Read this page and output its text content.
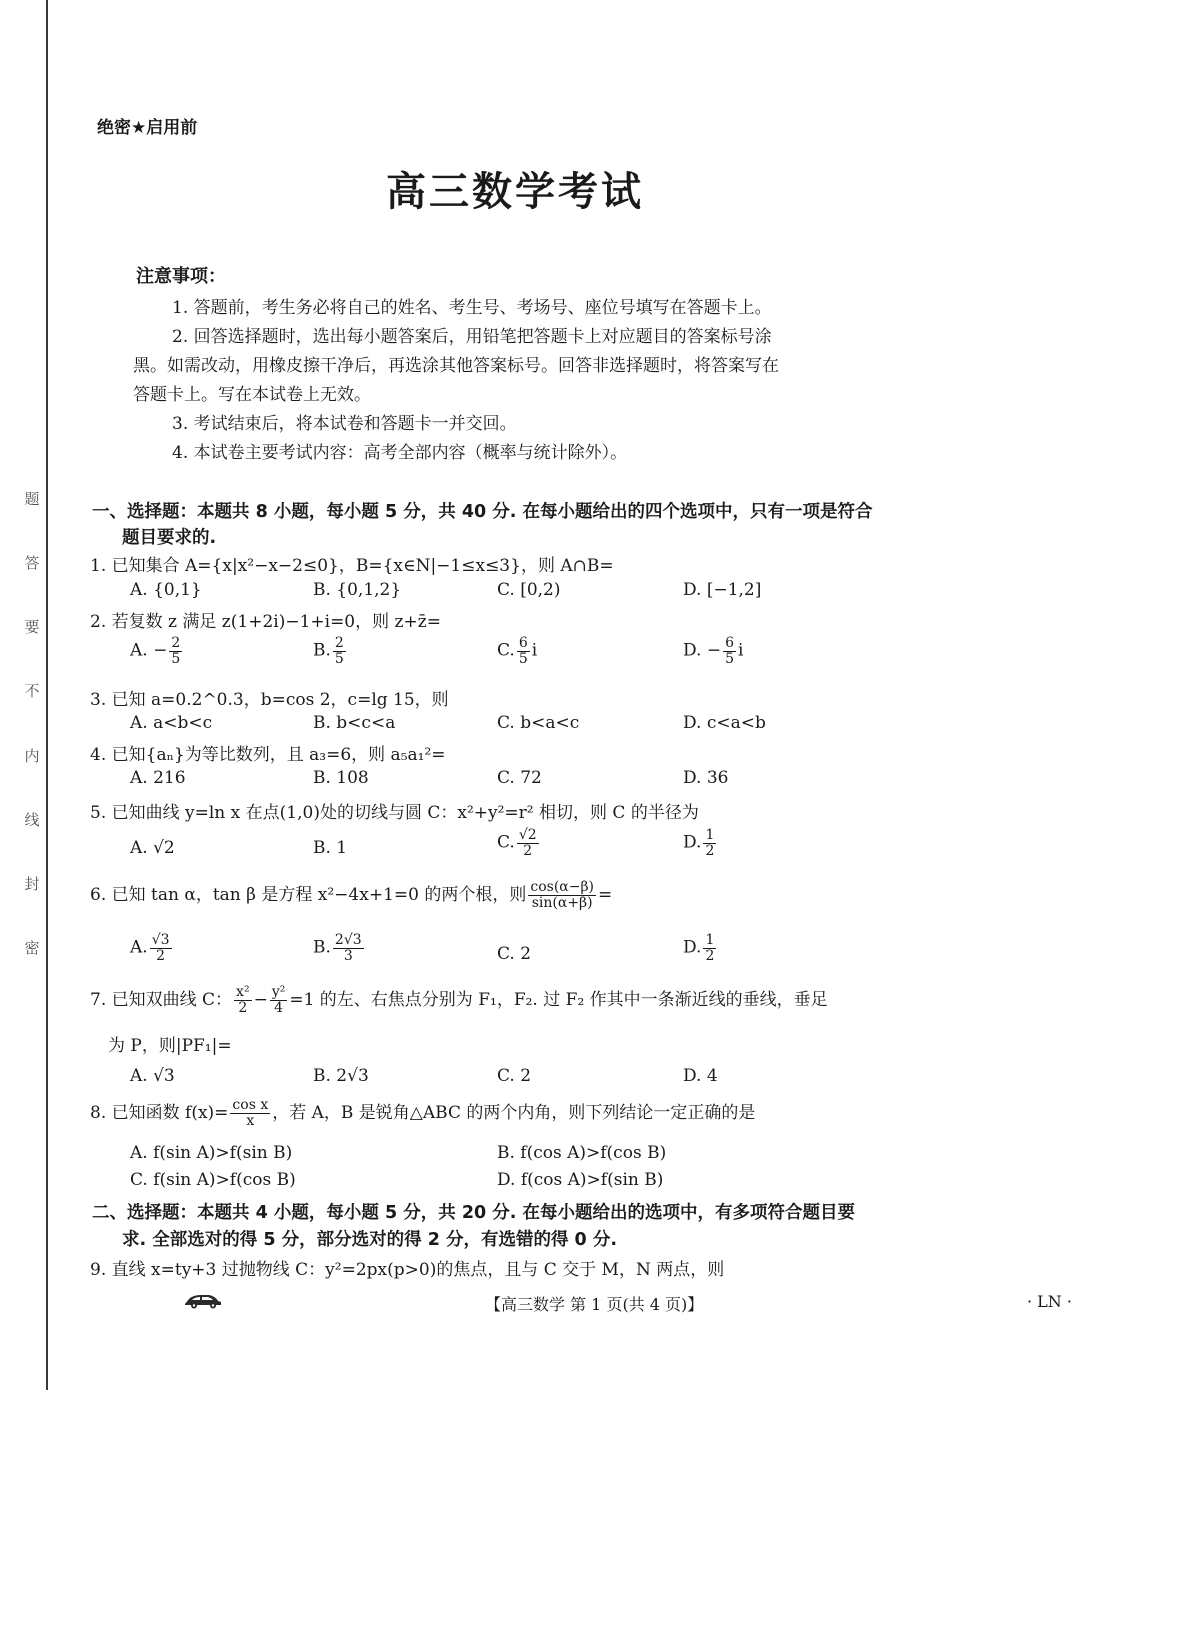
题
答
要
不
内
线
封
密
绝密★启用前
高三数学考试
注意事项：
1. 答题前，考生务必将自己的姓名、考生号、考场号、座位号填写在答题卡上。
2. 回答选择题时，选出每小题答案后，用铅笔把答题卡上对应题目的答案标号涂
黑。如需改动，用橡皮擦干净后，再选涂其他答案标号。回答非选择题时，将答案写在
答题卡上。写在本试卷上无效。
3. 考试结束后，将本试卷和答题卡一并交回。
4. 本试卷主要考试内容：高考全部内容（概率与统计除外）。
一、选择题：本题共 8 小题，每小题 5 分，共 40 分. 在每小题给出的四个选项中，只有一项是符合
题目要求的.
1. 已知集合 A={x|x²−x−2≤0}，B={x∈N|−1≤x≤3}，则 A∩B=
A. {0,1}	B. {0,1,2}	C. [0,2)	D. [−1,2]
2. 若复数 z 满足 z(1+2i)−1+i=0，则 z+z̄=
A. − $\frac{2}{5}$	B. $\frac{2}{5}$	C. $\frac{6}{5}$ i	D. − $\frac{6}{5}$ i
3. 已知 a=0.2^0.3，b=cos 2，c=lg 15，则
A. a<b<c	B. b<c<a	C. b<a<c	D. c<a<b
4. 已知{aₙ}为等比数列，且 a₃=6，则 a₅a₁²=
A. 216	B. 108	C. 72	D. 36
5. 已知曲线 y=ln x 在点(1,0)处的切线与圆 C：x²+y²=r² 相切，则 C 的半径为
A. √2	B. 1	C. $\frac{√2}{2}$	D. $\frac{1}{2}$
6. 已知 tan α，tan β 是方程 x²−4x+1=0 的两个根，则 $\frac{\cos(\alpha-\beta)}{\sin(\alpha+\beta)}$ =
A. $\frac{√3}{2}$	B. $\frac{2√3}{3}$	C. 2	D. $\frac{1}{2}$
7. 已知双曲线 C： $\frac{\text{x²}}{2} - \frac{\text{y²}}{4} =1$ 的左、右焦点分别为 F₁，F₂. 过 F₂ 作其中一条渐近线的垂线，垂足
为 P，则|PF₁|=
A. √3	B. 2√3	C. 2	D. 4
8. 已知函数 $f(x)= \frac{\text{cos x}}{x}$ ，若 A，B 是锐角△ABC 的两个内角，则下列结论一定正确的是
A. f(sin A)>f(sin B)	B. f(cos A)>f(cos B)
C. f(sin A)>f(cos B)	D. f(cos A)>f(sin B)
二、选择题：本题共 4 小题，每小题 5 分，共 20 分. 在每小题给出的选项中，有多项符合题目要
求. 全部选对的得 5 分，部分选对的得 2 分，有选错的得 0 分.
9. 直线 x=ty+3 过抛物线 C：y²=2px(p>0)的焦点，且与 C 交于 M，N 两点，则
【高三数学 第 1 页(共 4 页)】	· LN ·
